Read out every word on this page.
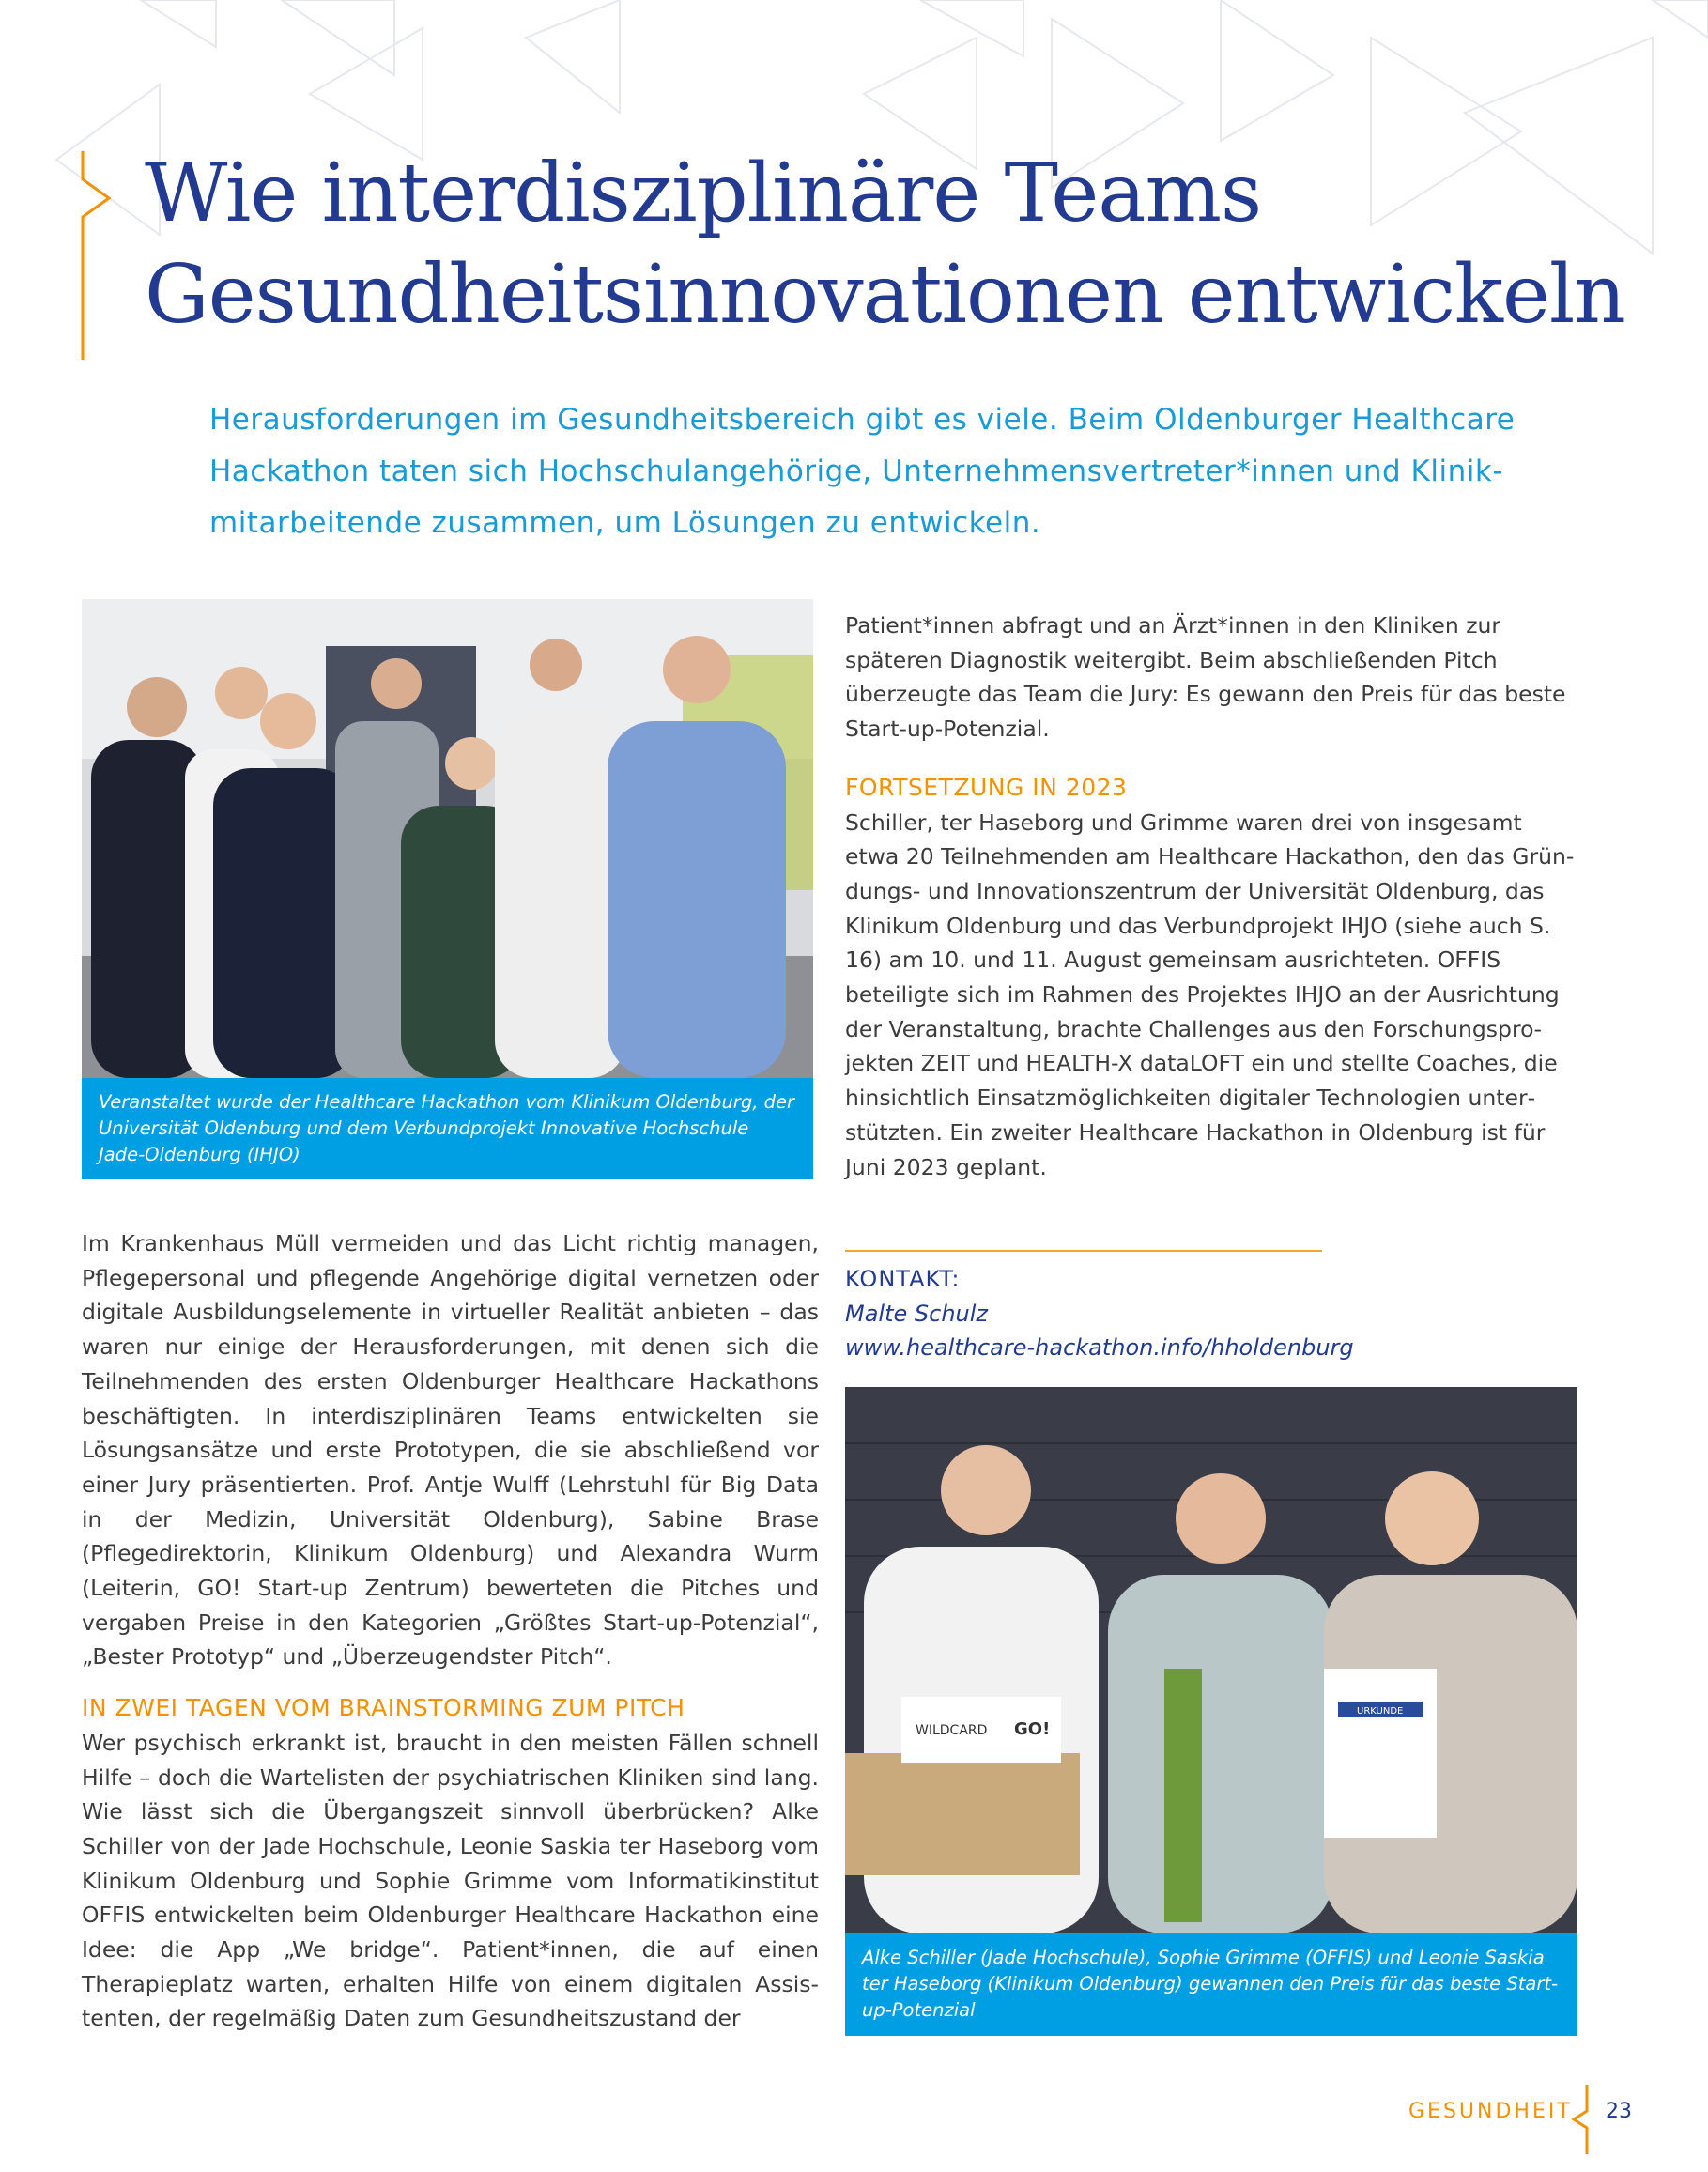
Wie interdisziplinäre Teams
Gesundheitsinnovationen entwickeln

Herausforderungen im Gesundheitsbereich gibt es viele. Beim Oldenburger Healthcare Hackathon taten sich Hochschulangehörige, Unternehmensvertreter*innen und Klinikmitarbeitende zusammen, um Lösungen zu entwickeln.

Veranstaltet wurde der Healthcare Hackathon vom Klinikum Oldenburg, der Universität Oldenburg und dem Verbundprojekt Innovative Hochschule Jade-Oldenburg (IHJO)

Im Krankenhaus Müll vermeiden und das Licht richtig managen, Pflegepersonal und pflegende Angehörige digital vernetzen oder digitale Ausbildungselemente in virtueller Realität anbieten – das waren nur einige der Herausforderungen, mit denen sich die Teilnehmenden des ersten Oldenburger Healthcare Hackathons beschäftigten. In interdisziplinären Teams entwickelten sie Lösungsansätze und erste Prototypen, die sie abschließend vor einer Jury präsentierten. Prof. Antje Wulff (Lehrstuhl für Big Data in der Medizin, Universität Oldenburg), Sabine Brase (Pflegedirektorin, Klinikum Oldenburg) und Alexandra Wurm (Leiterin, GO! Start-up Zentrum) bewerteten die Pitches und vergaben Preise in den Kategorien „Größtes Start-up-Potenzial“, „Bester Prototyp“ und „Überzeugendster Pitch“.

IN ZWEI TAGEN VOM BRAINSTORMING ZUM PITCH

Wer psychisch erkrankt ist, braucht in den meisten Fällen schnell Hilfe – doch die Wartelisten der psychiatrischen Kliniken sind lang. Wie lässt sich die Übergangszeit sinnvoll überbrücken? Alke Schiller von der Jade Hochschule, Leonie Saskia ter Haseborg vom Klinikum Oldenburg und Sophie Grimme vom Informatikinstitut OFFIS entwickelten beim Oldenburger Healthcare Hackathon eine Idee: die App „We bridge“. Patient*innen, die auf einen Therapieplatz warten, erhalten Hilfe von einem digitalen Assistenten, der regelmäßig Daten zum Gesundheitszustand der

Patient*innen abfragt und an Ärzt*innen in den Kliniken zur späteren Diagnostik weitergibt. Beim abschließenden Pitch überzeugte das Team die Jury: Es gewann den Preis für das beste Start-up-Potenzial.

FORTSETZUNG IN 2023

Schiller, ter Haseborg und Grimme waren drei von insgesamt etwa 20 Teilnehmenden am Healthcare Hackathon, den das Gründungs- und Innovationszentrum der Universität Oldenburg, das Klinikum Oldenburg und das Verbundprojekt IHJO (siehe auch S. 16) am 10. und 11. August gemeinsam ausrichteten. OFFIS beteiligte sich im Rahmen des Projektes IHJO an der Ausrichtung der Veranstaltung, brachte Challenges aus den Forschungsprojekten ZEIT und HEALTH-X dataLOFT ein und stellte Coaches, die hinsichtlich Einsatzmöglichkeiten digitaler Technologien unterstützten. Ein zweiter Healthcare Hackathon in Oldenburg ist für Juni 2023 geplant.

KONTAKT:
Malte Schulz
www.healthcare-hackathon.info/hholdenburg
WILDCARD GO!
URKUNDE
Alke Schiller (Jade Hochschule), Sophie Grimme (OFFIS) und Leonie Saskia ter Haseborg (Klinikum Oldenburg) gewannen den Preis für das beste Start-up-Potenzial
GESUNDHEIT 23
